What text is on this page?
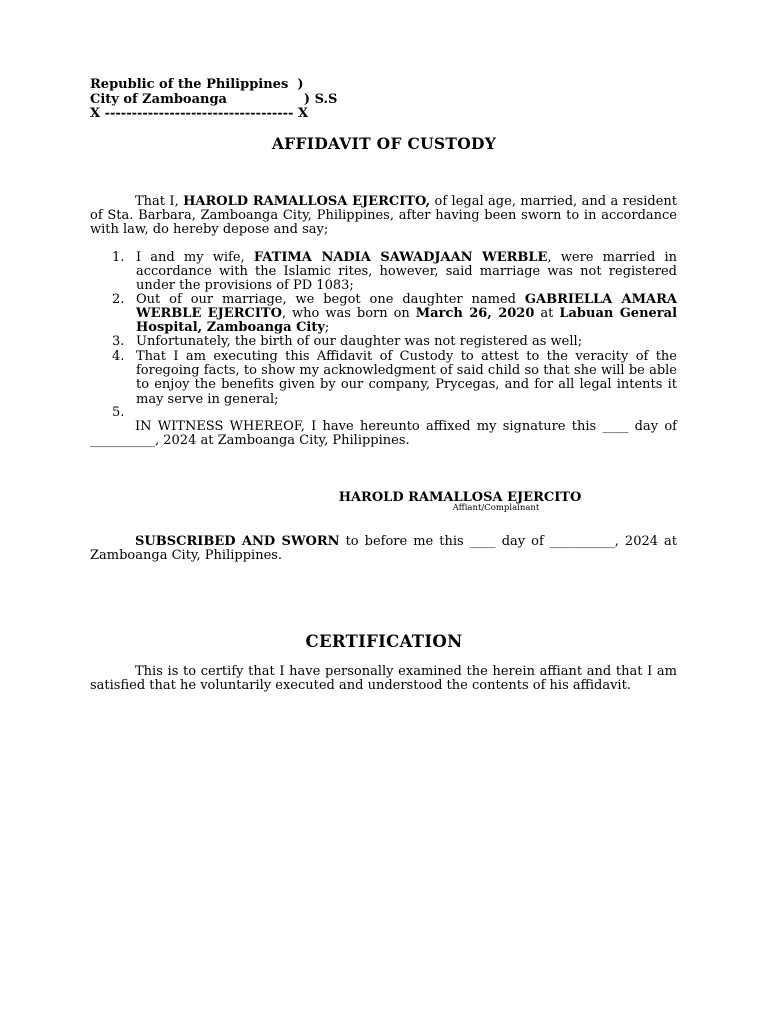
Republic of the Philippines  )
City of Zamboanga                 ) S.S
X ----------------------------------- X
AFFIDAVIT OF CUSTODY
That I, HAROLD RAMALLOSA EJERCITO, of legal age, married, and a resident of Sta. Barbara, Zamboanga City, Philippines, after having been sworn to in accordance with law, do hereby depose and say;
1. I and my wife, FATIMA NADIA SAWADJAAN WERBLE, were married in accordance with the Islamic rites, however, said marriage was not registered under the provisions of PD 1083;
2. Out of our marriage, we begot one daughter named GABRIELLA AMARA WERBLE EJERCITO, who was born on March 26, 2020 at Labuan General Hospital, Zamboanga City;
3. Unfortunately, the birth of our daughter was not registered as well;
4. That I am executing this Affidavit of Custody to attest to the veracity of the foregoing facts, to show my acknowledgment of said child so that she will be able to enjoy the benefits given by our company, Prycegas, and for all legal intents it may serve in general;
5.
IN WITNESS WHEREOF, I have hereunto affixed my signature this ____ day of __________, 2024 at Zamboanga City, Philippines.
HAROLD RAMALLOSA EJERCITO
Affiant/Complainant
SUBSCRIBED AND SWORN to before me this ____ day of __________, 2024 at Zamboanga City, Philippines.
CERTIFICATION
This is to certify that I have personally examined the herein affiant and that I am satisfied that he voluntarily executed and understood the contents of his affidavit.
